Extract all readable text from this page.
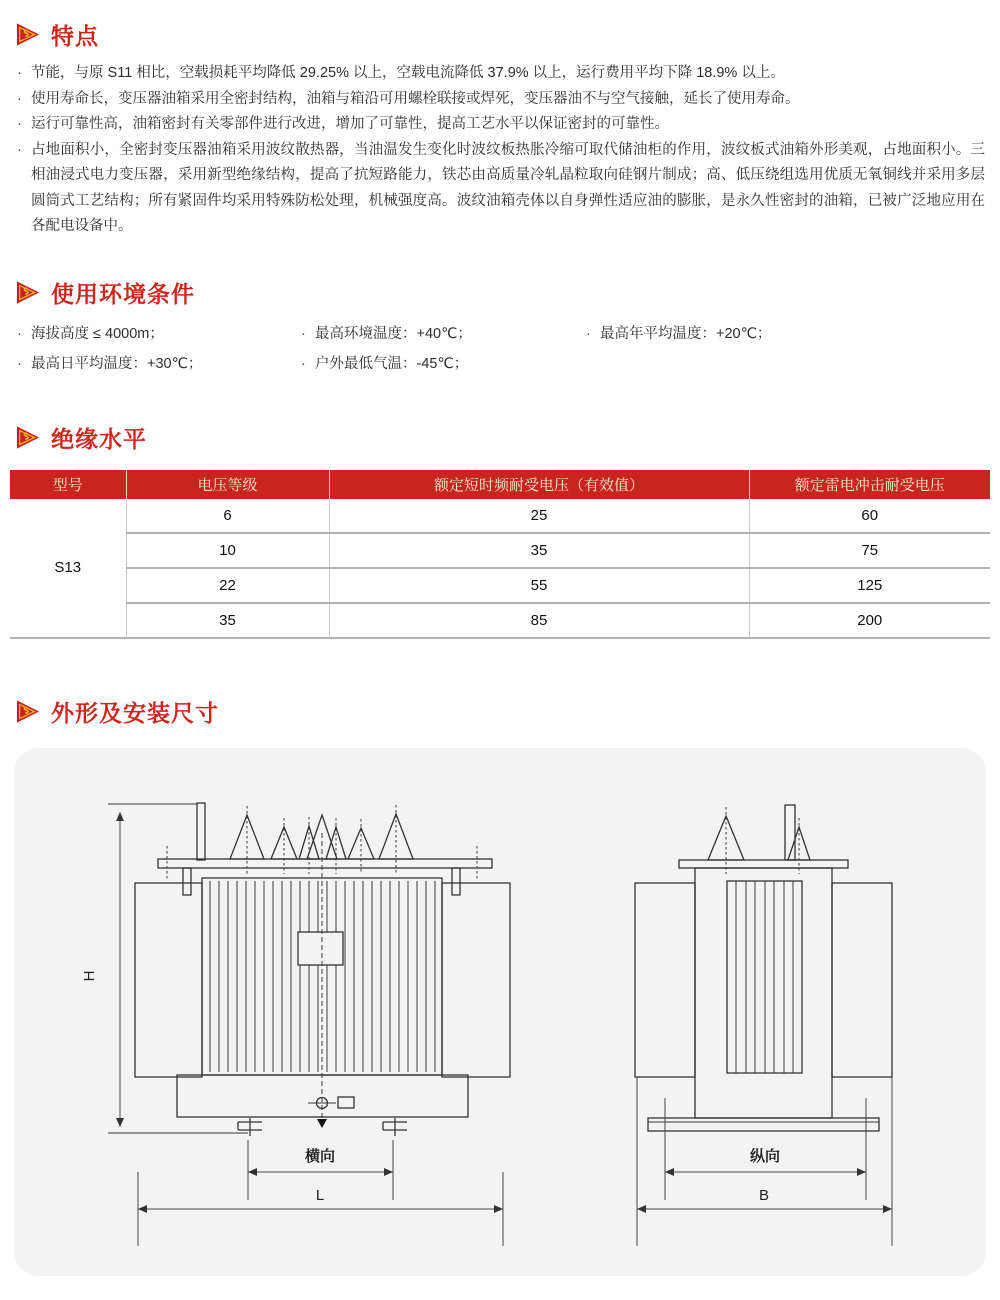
特点
· 节能，与原 S11 相比，空载损耗平均降低 29.25% 以上，空载电流降低 37.9% 以上，运行费用平均下降 18.9% 以上。
· 使用寿命长，变压器油箱采用全密封结构，油箱与箱沿可用螺栓联接或焊死，变压器油不与空气接触，延长了使用寿命。
· 运行可靠性高，油箱密封有关零部件进行改进，增加了可靠性，提高工艺水平以保证密封的可靠性。
· 占地面积小，全密封变压器油箱采用波纹散热器，当油温发生变化时波纹板热胀冷缩可取代储油柜的作用，波纹板式油箱外形美观，占地面积小。三相油浸式电力变压器，采用新型绝缘结构，提高了抗短路能力，铁芯由高质量冷轧晶粒取向硅钢片制成；高、低压绕组选用优质无氧铜线并采用多层圆筒式工艺结构；所有紧固件均采用特殊防松处理，机械强度高。波纹油箱壳体以自身弹性适应油的膨胀，是永久性密封的油箱，已被广泛地应用在各配电设备中。
使用环境条件
· 海拔高度 ≤ 4000m；	· 最高环境温度：+40℃；	· 最高年平均温度：+20℃；
· 最高日平均温度：+30℃；	· 户外最低气温：-45℃；
绝缘水平
型号	电压等级	额定短时频耐受电压（有效值）	额定雷电冲击耐受电压
S13	6	25	60
	10	35	75
	22	55	125
	35	85	200
外形及安装尺寸
H
横向
L
纵向
B
